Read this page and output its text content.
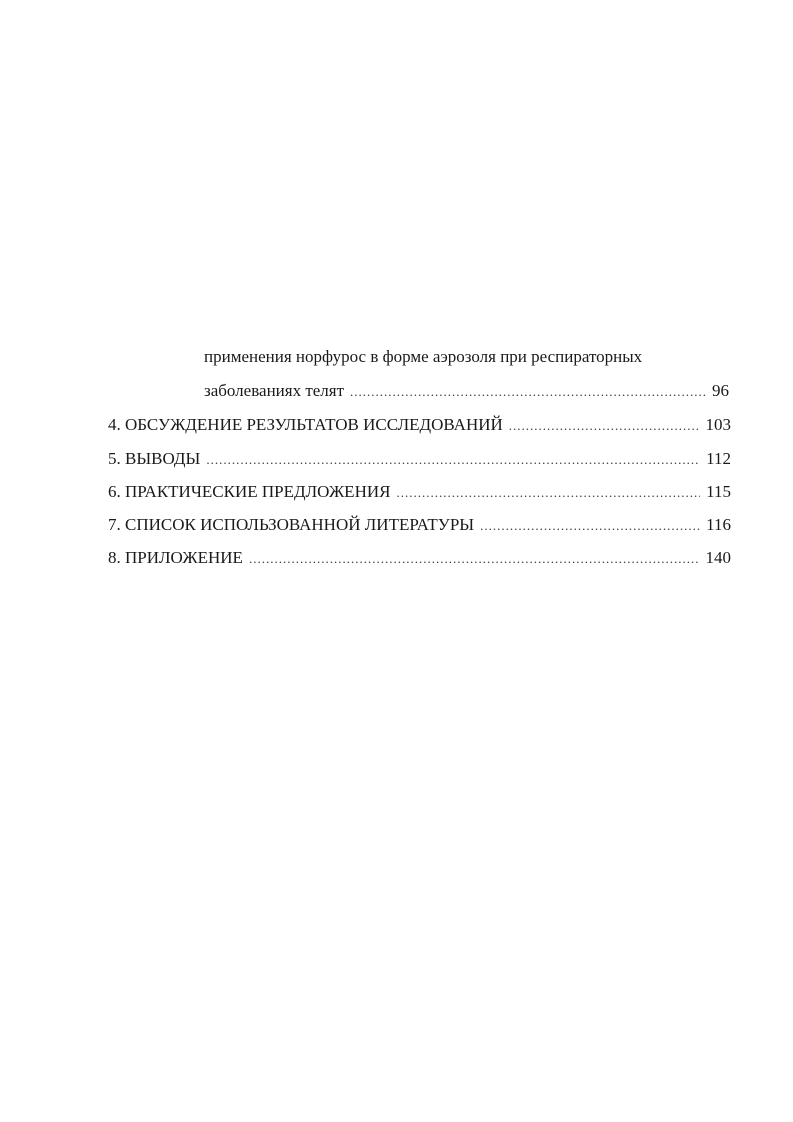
применения норфурос в форме аэрозоля при респираторных
заболеваниях телят .....	96
4. ОБСУЖДЕНИЕ РЕЗУЛЬТАТОВ ИССЛЕДОВАНИЙ .....	103
5. ВЫВОДЫ .....	112
6. ПРАКТИЧЕСКИЕ ПРЕДЛОЖЕНИЯ .....	115
7. СПИСОК ИСПОЛЬЗОВАННОЙ ЛИТЕРАТУРЫ .....	116
8. ПРИЛОЖЕНИЕ .....	140
